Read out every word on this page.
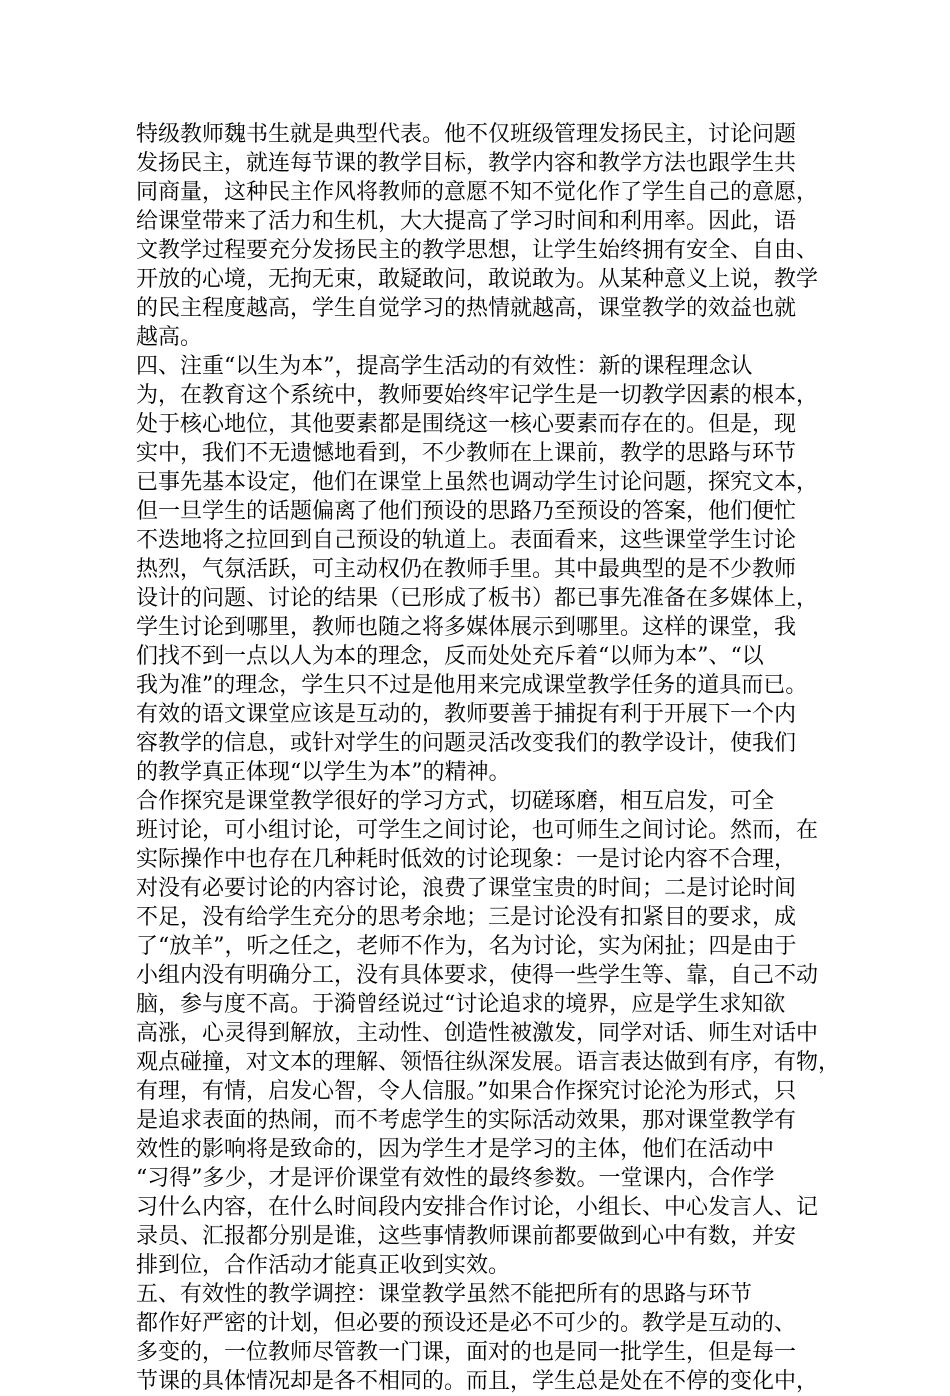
特级教师魏书生就是典型代表。他不仅班级管理发扬民主，讨论问题
发扬民主，就连每节课的教学目标，教学内容和教学方法也跟学生共
同商量，这种民主作风将教师的意愿不知不觉化作了学生自己的意愿，
给课堂带来了活力和生机，大大提高了学习时间和利用率。因此，语
文教学过程要充分发扬民主的教学思想，让学生始终拥有安全、自由、
开放的心境，无拘无束，敢疑敢问，敢说敢为。从某种意义上说，教学
的民主程度越高，学生自觉学习的热情就越高，课堂教学的效益也就
越高。

四、注重“以生为本”，提高学生活动的有效性：新的课程理念认
为，在教育这个系统中，教师要始终牢记学生是一切教学因素的根本，
处于核心地位，其他要素都是围绕这一核心要素而存在的。但是，现
实中，我们不无遗憾地看到，不少教师在上课前，教学的思路与环节
已事先基本设定，他们在课堂上虽然也调动学生讨论问题，探究文本，
但一旦学生的话题偏离了他们预设的思路乃至预设的答案，他们便忙
不迭地将之拉回到自己预设的轨道上。表面看来，这些课堂学生讨论
热烈，气氛活跃，可主动权仍在教师手里。其中最典型的是不少教师
设计的问题、讨论的结果（已形成了板书）都已事先准备在多媒体上，
学生讨论到哪里，教师也随之将多媒体展示到哪里。这样的课堂，我
们找不到一点以人为本的理念，反而处处充斥着“以师为本”、“以
我为准”的理念，学生只不过是他用来完成课堂教学任务的道具而已。
有效的语文课堂应该是互动的，教师要善于捕捉有利于开展下一个内
容教学的信息，或针对学生的问题灵活改变我们的教学设计，使我们
的教学真正体现“以学生为本”的精神。

合作探究是课堂教学很好的学习方式，切磋琢磨，相互启发，可全
班讨论，可小组讨论，可学生之间讨论，也可师生之间讨论。然而，在
实际操作中也存在几种耗时低效的讨论现象：一是讨论内容不合理，
对没有必要讨论的内容讨论，浪费了课堂宝贵的时间；二是讨论时间
不足，没有给学生充分的思考余地；三是讨论没有扣紧目的要求，成
了“放羊”，听之任之，老师不作为，名为讨论，实为闲扯；四是由于
小组内没有明确分工，没有具体要求，使得一些学生等、靠，自己不动
脑，参与度不高。于漪曾经说过“讨论追求的境界，应是学生求知欲
高涨，心灵得到解放，主动性、创造性被激发，同学对话、师生对话中
观点碰撞，对文本的理解、领悟往纵深发展。语言表达做到有序，有物，
有理，有情，启发心智，令人信服。”如果合作探究讨论沦为形式，只
是追求表面的热闹，而不考虑学生的实际活动效果，那对课堂教学有
效性的影响将是致命的，因为学生才是学习的主体，他们在活动中
“习得”多少，才是评价课堂有效性的最终参数。一堂课内，合作学
习什么内容，在什么时间段内安排合作讨论，小组长、中心发言人、记
录员、汇报都分别是谁，这些事情教师课前都要做到心中有数，并安
排到位，合作活动才能真正收到实效。

五、有效性的教学调控：课堂教学虽然不能把所有的思路与环节
都作好严密的计划，但必要的预设还是必不可少的。教学是互动的、
多变的，一位教师尽管教一门课，面对的也是同一批学生，但是每一
节课的具体情况却是各不相同的。而且，学生总是处在不停的变化中，
